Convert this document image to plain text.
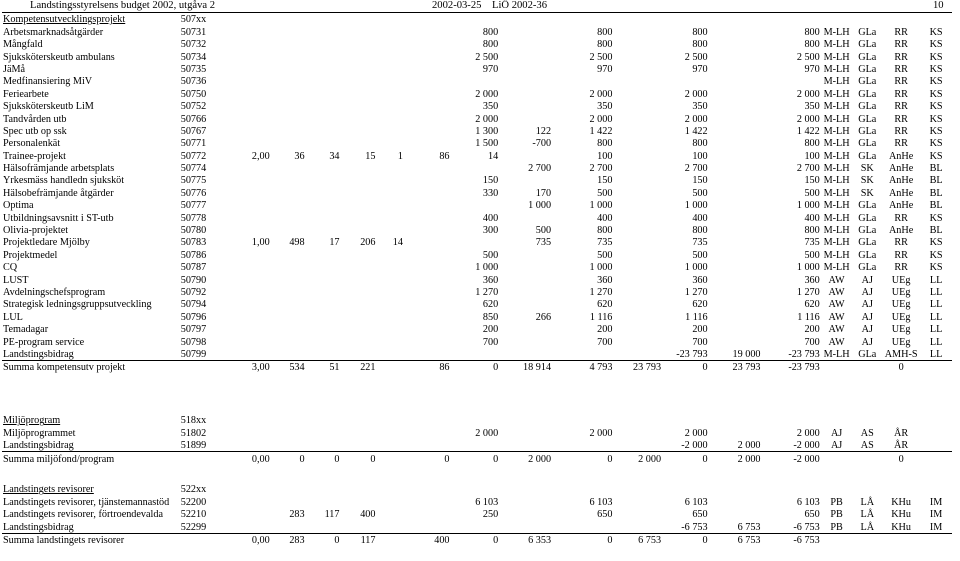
Landstingsstyrelsens budget 2002, utgåva 2	2002-03-25 LiÖ 2002-36	10
Kompetensutvecklingsprojekt	507xx																	
Arbetsmarknadsåtgärder	50731							800		800		800		800	M-LH	GLa	RR	KS
Mångfald	50732							800		800		800		800	M-LH	GLa	RR	KS
Sjuksköterskeutb ambulans	50734							2 500		2 500		2 500		2 500	M-LH	GLa	RR	KS
JäMå	50735							970		970		970		970	M-LH	GLa	RR	KS
Medfinansiering MiV	50736														M-LH	GLa	RR	KS
Feriearbete	50750							2 000		2 000		2 000		2 000	M-LH	GLa	RR	KS
Sjuksköterskeutb LiM	50752							350		350		350		350	M-LH	GLa	RR	KS
Tandvården utb	50766							2 000		2 000		2 000		2 000	M-LH	GLa	RR	KS
Spec utb op ssk	50767							1 300	122	1 422		1 422		1 422	M-LH	GLa	RR	KS
Personalenkät	50771							1 500	-700	800		800		800	M-LH	GLa	RR	KS
Trainee-projekt	50772	2,00	36	34	15	1	86	14		100		100		100	M-LH	GLa	AnHe	KS
Hälsofrämjande arbetsplats	50774								2 700	2 700		2 700		2 700	M-LH	SK	AnHe	BL
Yrkesmäss handledn sjuksköt	50775							150		150		150		150	M-LH	SK	AnHe	BL
Hälsobefrämjande åtgärder	50776							330	170	500		500		500	M-LH	SK	AnHe	BL
Optima	50777								1 000	1 000		1 000		1 000	M-LH	GLa	AnHe	BL
Utbildningsavsnitt i ST-utb	50778							400		400		400		400	M-LH	GLa	RR	KS
Olivia-projektet	50780							300	500	800		800		800	M-LH	GLa	AnHe	BL
Projektledare Mjölby	50783	1,00	498	17	206	14			735	735		735		735	M-LH	GLa	RR	KS
Projektmedel	50786							500		500		500		500	M-LH	GLa	RR	KS
CQ	50787							1 000		1 000		1 000		1 000	M-LH	GLa	RR	KS
LUST	50790							360		360		360		360	AW	AJ	UEg	LL
Avdelningschefsprogram	50792							1 270		1 270		1 270		1 270	AW	AJ	UEg	LL
Strategisk ledningsgruppsutveckling	50794							620		620		620		620	AW	AJ	UEg	LL
LUL	50796							850	266	1 116		1 116		1 116	AW	AJ	UEg	LL
Temadagar	50797							200		200		200		200	AW	AJ	UEg	LL
PE-program service	50798							700		700		700		700	AW	AJ	UEg	LL
Landstingsbidrag	50799											-23 793	19 000	-23 793	M-LH	GLa	AMH-S	LL
Summa kompetensutv projekt		3,00	534	51	221		86	0	18 914	4 793	23 793	0	23 793	-23 793			0	
Miljöprogram	518xx																	
Miljöprogrammet	51802							2 000		2 000		2 000		2 000	AJ	AS	ÅR	
Landstingsbidrag	51899											-2 000	2 000	-2 000	AJ	AS	ÅR	
Summa miljöfond/program		0,00	0	0	0		0	0	2 000	0	2 000	0	2 000	-2 000			0	
Landstingets revisorer	522xx																	
Landstingets revisorer, tjänstemannastöd	52200							6 103		6 103		6 103		6 103	PB	LÅ	KHu	IM
Landstingets revisorer, förtroendevalda	52210		283	117	400			250		650		650		650	PB	LÅ	KHu	IM
Landstingsbidrag	52299											-6 753	6 753	-6 753	PB	LÅ	KHu	IM
Summa landstingets revisorer		0,00	283	0	117		400	0	6 353	0	6 753	0	6 753	-6 753				
